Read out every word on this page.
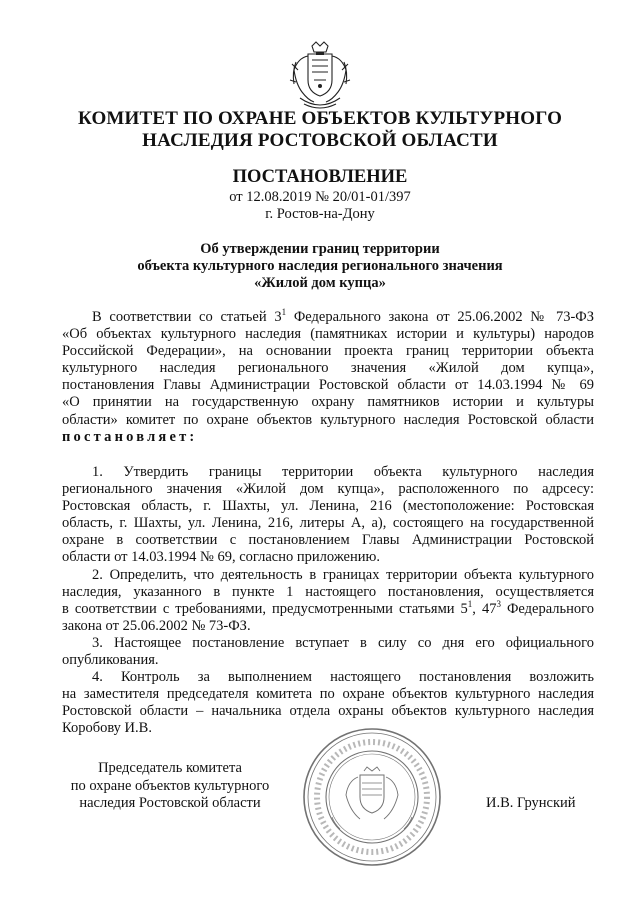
КОМИТЕТ ПО ОХРАНЕ ОБЪЕКТОВ КУЛЬТУРНОГО
НАСЛЕДИЯ РОСТОВСКОЙ ОБЛАСТИ
ПОСТАНОВЛЕНИЕ
от 12.08.2019 № 20/01-01/397
г. Ростов-на-Дону
Об утверждении границ территории
объекта культурного наследия регионального значения
«Жилой дом купца»
В соответствии со статьей $3^1$ Федерального закона от 25.06.2002 № 73-ФЗ
«Об объектах культурного наследия (памятниках истории и культуры) народов
Российской Федерации», на основании проекта границ территории объекта
культурного наследия регионального значения «Жилой дом купца»,
постановления Главы Администрации Ростовской области от 14.03.1994 № 69
«О принятии на государственную охрану памятников истории и культуры
области» комитет по охране объектов культурного наследия Ростовской области
постановляет:
1. Утвердить границы территории объекта культурного наследия
регионального значения «Жилой дом купца», расположенного по адрсесу:
Ростовская область, г. Шахты, ул. Ленина, 216 (местоположение: Ростовская
область, г. Шахты, ул. Ленина, 216, литеры А, а), состоящего на государственной
охране в соответствии с постановлением Главы Администрации Ростовской
области от 14.03.1994 № 69, согласно приложению.
2. Определить, что деятельность в границах территории объекта культурного
наследия, указанного в пункте 1 настоящего постановления, осуществляется
в соответствии с требованиями, предусмотренными статьями $5^1$, $47^3$ Федерального
закона от 25.06.2002 № 73-ФЗ.
3. Настоящее постановление вступает в силу со дня его официального
опубликования.
4. Контроль за выполнением настоящего постановления возложить
на заместителя председателя комитета по охране объектов культурного наследия
Ростовской области – начальника отдела охраны объектов культурного наследия
Коробову И.В.
Председатель комитета
по охране объектов культурного
наследия Ростовской области	И.В. Грунский
